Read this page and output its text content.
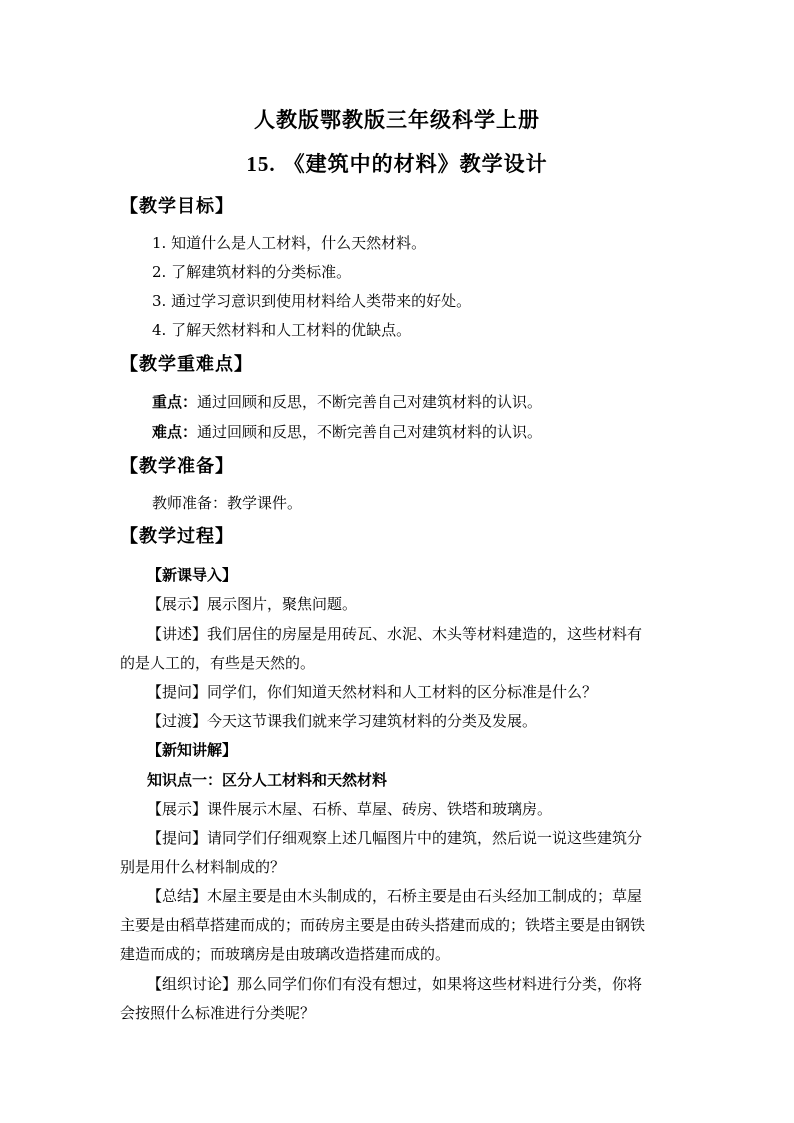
人教版鄂教版三年级科学上册
15. 《建筑中的材料》教学设计
【教学目标】
1. 知道什么是人工材料，什么天然材料。
2. 了解建筑材料的分类标准。
3. 通过学习意识到使用材料给人类带来的好处。
4. 了解天然材料和人工材料的优缺点。
【教学重难点】
重点：通过回顾和反思，不断完善自己对建筑材料的认识。
难点：通过回顾和反思，不断完善自己对建筑材料的认识。
【教学准备】
教师准备：教学课件。
【教学过程】
【新课导入】
【展示】展示图片，聚焦问题。
【讲述】我们居住的房屋是用砖瓦、水泥、木头等材料建造的，这些材料有
的是人工的，有些是天然的。
【提问】同学们，你们知道天然材料和人工材料的区分标准是什么？
【过渡】今天这节课我们就来学习建筑材料的分类及发展。
【新知讲解】
知识点一：区分人工材料和天然材料
【展示】课件展示木屋、石桥、草屋、砖房、铁塔和玻璃房。
【提问】请同学们仔细观察上述几幅图片中的建筑，然后说一说这些建筑分
别是用什么材料制成的？
【总结】木屋主要是由木头制成的，石桥主要是由石头经加工制成的；草屋
主要是由稻草搭建而成的；而砖房主要是由砖头搭建而成的；铁塔主要是由钢铁
建造而成的；而玻璃房是由玻璃改造搭建而成的。
【组织讨论】那么同学们你们有没有想过，如果将这些材料进行分类，你将
会按照什么标准进行分类呢？
